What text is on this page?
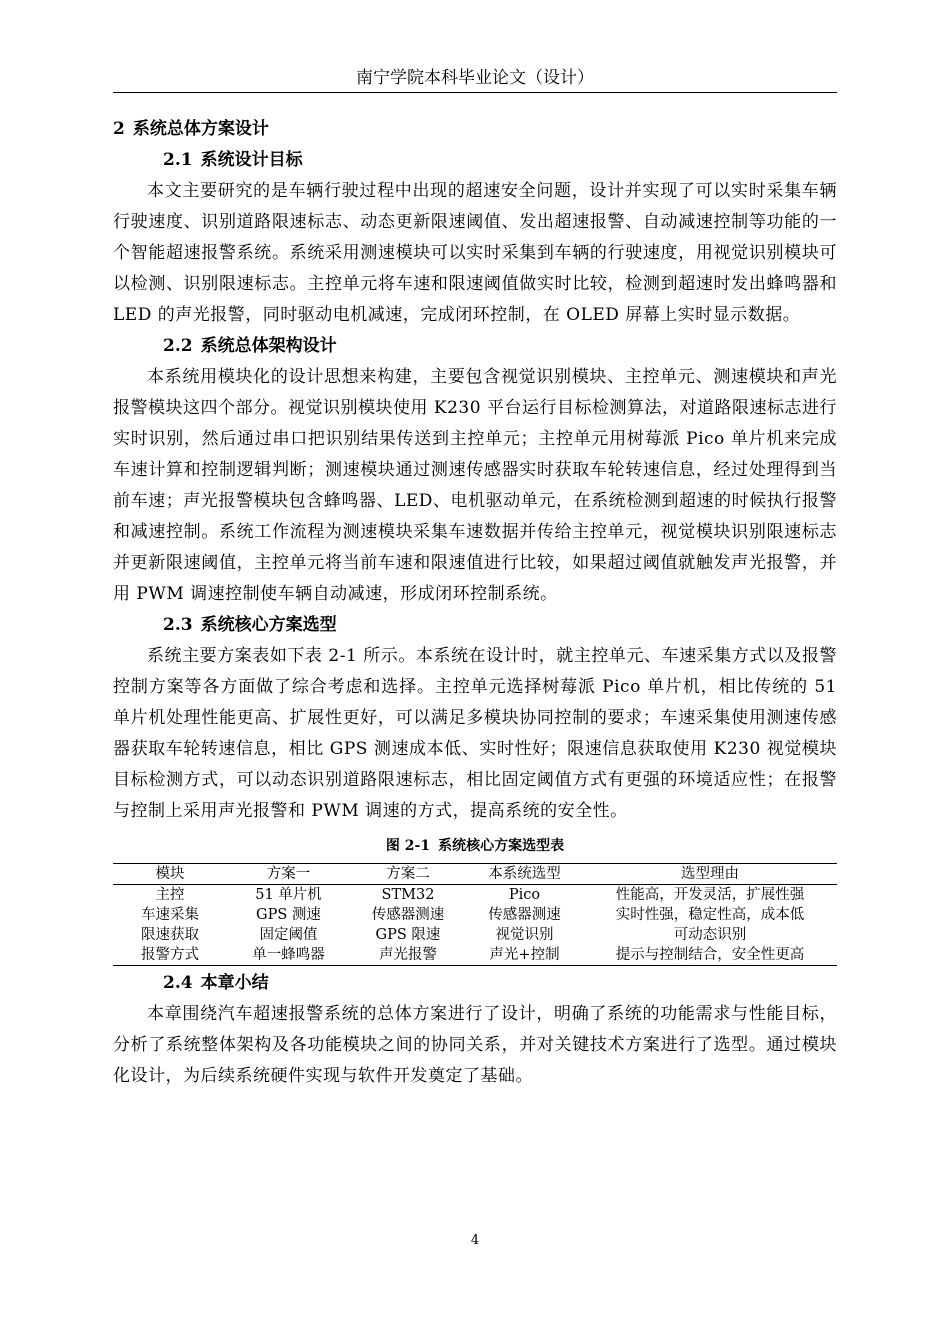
南宁学院本科毕业论文（设计）
2 系统总体方案设计
2.1 系统设计目标

本文主要研究的是车辆行驶过程中出现的超速安全问题，设计并实现了可以实时采集车辆行驶速度、识别道路限速标志、动态更新限速阈值、发出超速报警、自动减速控制等功能的一个智能超速报警系统。系统采用测速模块可以实时采集到车辆的行驶速度，用视觉识别模块可以检测、识别限速标志。主控单元将车速和限速阈值做实时比较，检测到超速时发出蜂鸣器和 LED 的声光报警，同时驱动电机减速，完成闭环控制，在 OLED 屏幕上实时显示数据。

2.2 系统总体架构设计

本系统用模块化的设计思想来构建，主要包含视觉识别模块、主控单元、测速模块和声光报警模块这四个部分。视觉识别模块使用 K230 平台运行目标检测算法，对道路限速标志进行实时识别，然后通过串口把识别结果传送到主控单元；主控单元用树莓派 Pico 单片机来完成车速计算和控制逻辑判断；测速模块通过测速传感器实时获取车轮转速信息，经过处理得到当前车速；声光报警模块包含蜂鸣器、LED、电机驱动单元，在系统检测到超速的时候执行报警和减速控制。系统工作流程为测速模块采集车速数据并传给主控单元，视觉模块识别限速标志并更新限速阈值，主控单元将当前车速和限速值进行比较，如果超过阈值就触发声光报警，并用 PWM 调速控制使车辆自动减速，形成闭环控制系统。

2.3 系统核心方案选型

系统主要方案表如下表 2-1 所示。本系统在设计时，就主控单元、车速采集方式以及报警控制方案等各方面做了综合考虑和选择。主控单元选择树莓派 Pico 单片机，相比传统的 51 单片机处理性能更高、扩展性更好，可以满足多模块协同控制的要求；车速采集使用测速传感器获取车轮转速信息，相比 GPS 测速成本低、实时性好；限速信息获取使用 K230 视觉模块目标检测方式，可以动态识别道路限速标志，相比固定阈值方式有更强的环境适应性；在报警与控制上采用声光报警和 PWM 调速的方式，提高系统的安全性。

图 2-1 系统核心方案选型表
模块	方案一	方案二	本系统选型	选型理由
主控	51 单片机	STM32	Pico	性能高，开发灵活，扩展性强
车速采集	GPS 测速	传感器测速	传感器测速	实时性强，稳定性高，成本低
限速获取	固定阈值	GPS 限速	视觉识别	可动态识别
报警方式	单一蜂鸣器	声光报警	声光+控制	提示与控制结合，安全性更高
2.4 本章小结

本章围绕汽车超速报警系统的总体方案进行了设计，明确了系统的功能需求与性能目标，分析了系统整体架构及各功能模块之间的协同关系，并对关键技术方案进行了选型。通过模块化设计，为后续系统硬件实现与软件开发奠定了基础。

4
